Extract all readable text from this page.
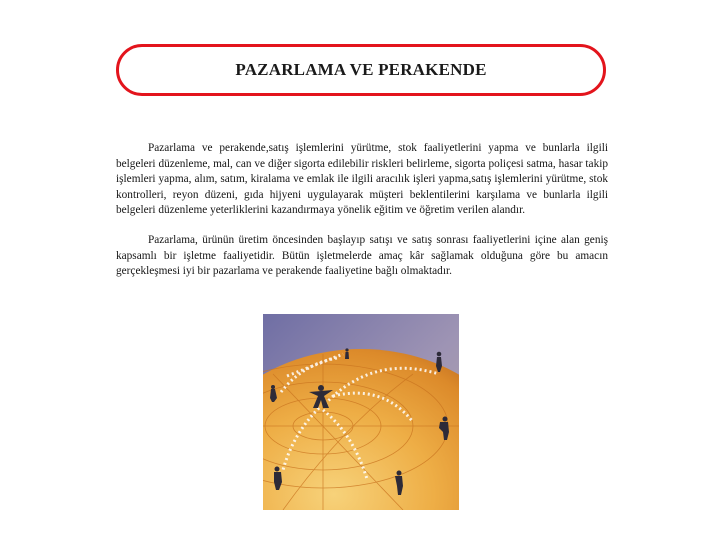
PAZARLAMA VE PERAKENDE

Pazarlama ve perakende,satış işlemlerini yürütme, stok faaliyetlerini yapma ve bunlarla ilgili belgeleri düzenleme, mal, can ve diğer sigorta edilebilir riskleri belirleme, sigorta poliçesi satma, hasar takip işlemleri yapma, alım, satım, kiralama ve emlak ile ilgili aracılık işleri yapma,satış işlemlerini yürütme, stok kontrolleri, reyon düzeni, gıda hijyeni uygulayarak müşteri beklentilerini karşılama ve bunlarla ilgili belgeleri düzenleme yeterliklerini kazandırmaya yönelik eğitim ve öğretim verilen alandır.

Pazarlama, ürünün üretim öncesinden başlayıp satışı ve satış sonrası faaliyetlerini içine alan geniş kapsamlı bir işletme faaliyetidir. Bütün işletmelerde amaç kâr sağlamak olduğuna göre bu amacın gerçekleşmesi iyi bir pazarlama ve perakende faaliyetine bağlı olmaktadır.
